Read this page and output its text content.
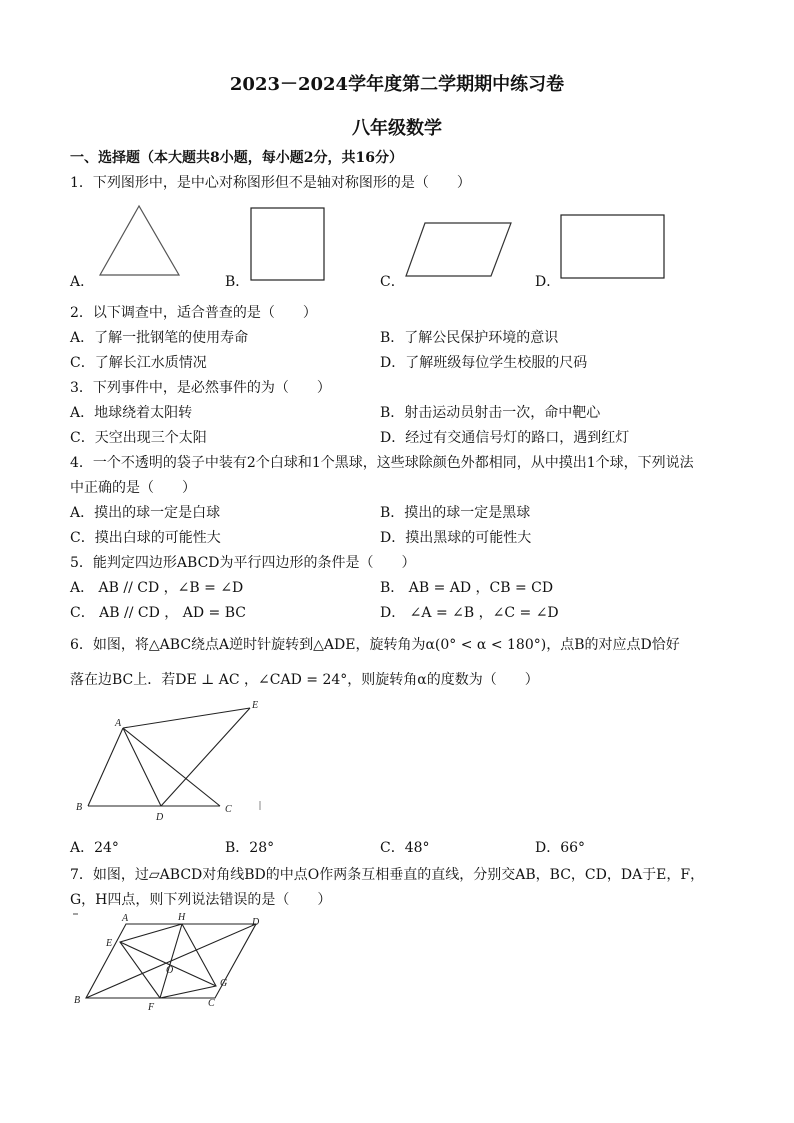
2023－2024学年度第二学期期中练习卷
八年级数学
一、选择题（本大题共8小题，每小题2分，共16分）
1．下列图形中，是中心对称图形但不是轴对称图形的是（　　）
A．	B．	C．	D．
2．以下调查中，适合普查的是（　　）
A．了解一批钢笔的使用寿命	B．了解公民保护环境的意识
C．了解长江水质情况	D．了解班级每位学生校服的尺码
3．下列事件中，是必然事件的为（　　）
A．地球绕着太阳转	B．射击运动员射击一次，命中靶心
C．天空出现三个太阳	D．经过有交通信号灯的路口，遇到红灯
4．一个不透明的袋子中装有2个白球和1个黑球，这些球除颜色外都相同，从中摸出1个球，下列说法
中正确的是（　　）
A．摸出的球一定是白球	B．摸出的球一定是黑球
C．摸出白球的可能性大	D．摸出黑球的可能性大
5．能判定四边形ABCD为平行四边形的条件是（　　）
A． AB // CD ，∠B = ∠D	B． AB = AD ，CB = CD
C． AB // CD ， AD = BC	D． ∠A = ∠B ，∠C = ∠D
6．如图，将△ABC绕点A逆时针旋转到△ADE，旋转角为α(0° < α < 180°)，点B的对应点D恰好
落在边BC上．若DE ⊥ AC ，∠CAD = 24°，则旋转角α的度数为（　　）
A
B	C
D
E
A．24°	B．28°	C．48°	D．66°
7．如图，过▱ABCD对角线BD的中点O作两条互相垂直的直线，分别交AB，BC，CD，DA于E，F，
G，H四点，则下列说法错误的是（　　）
A	H	D
E
O
G
B
F	C
